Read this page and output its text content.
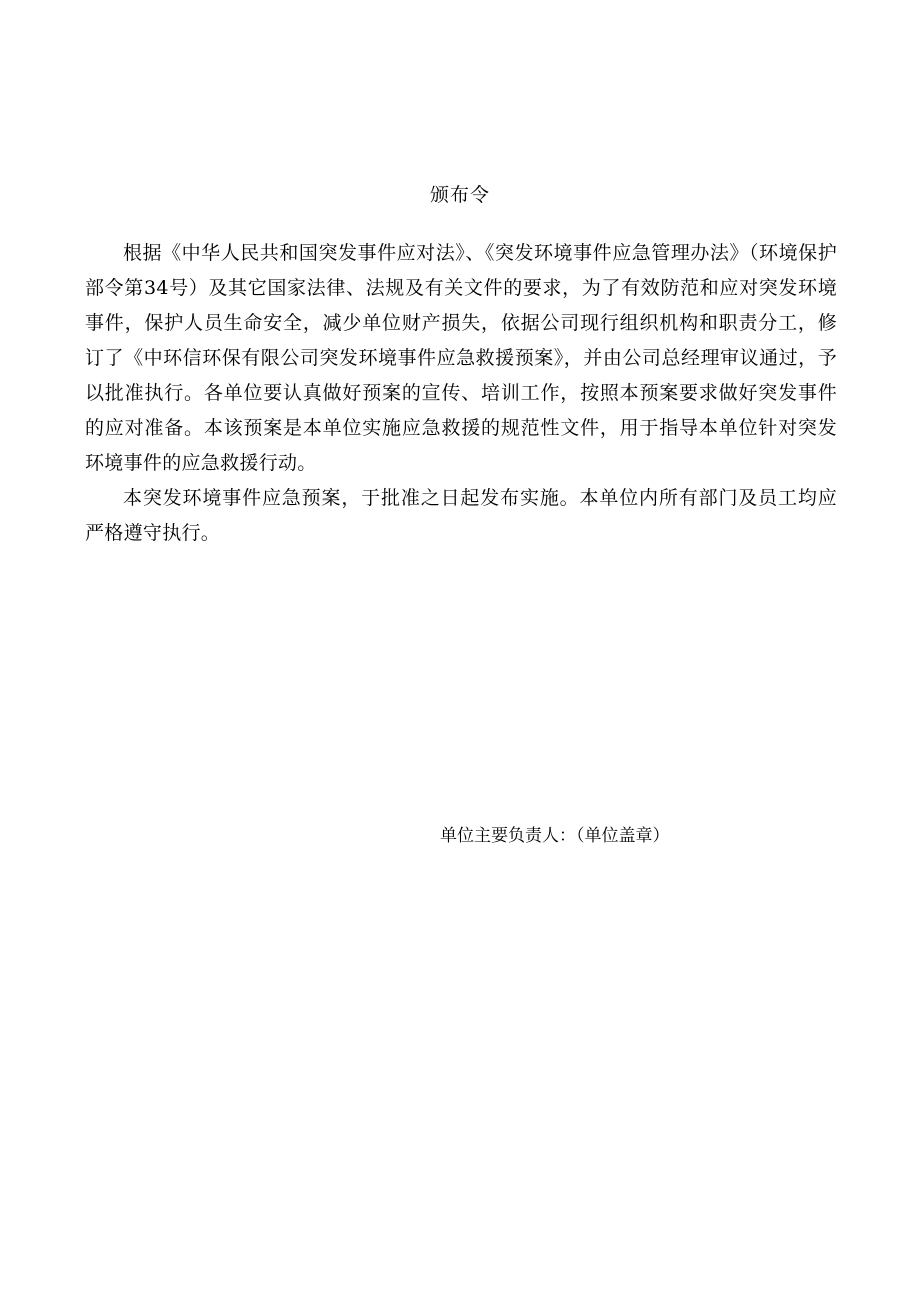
颁布令

根据《中华人民共和国突发事件应对法》、《突发环境事件应急管理办法》（环境保护部令第34号）及其它国家法律、法规及有关文件的要求，为了有效防范和应对突发环境事件，保护人员生命安全，减少单位财产损失，依据公司现行组织机构和职责分工，修订了《中环信环保有限公司突发环境事件应急救援预案》，并由公司总经理审议通过，予以批准执行。各单位要认真做好预案的宣传、培训工作，按照本预案要求做好突发事件的应对准备。本该预案是本单位实施应急救援的规范性文件，用于指导本单位针对突发环境事件的应急救援行动。

本突发环境事件应急预案，于批准之日起发布实施。本单位内所有部门及员工均应严格遵守执行。

单位主要负责人：（单位盖章）
